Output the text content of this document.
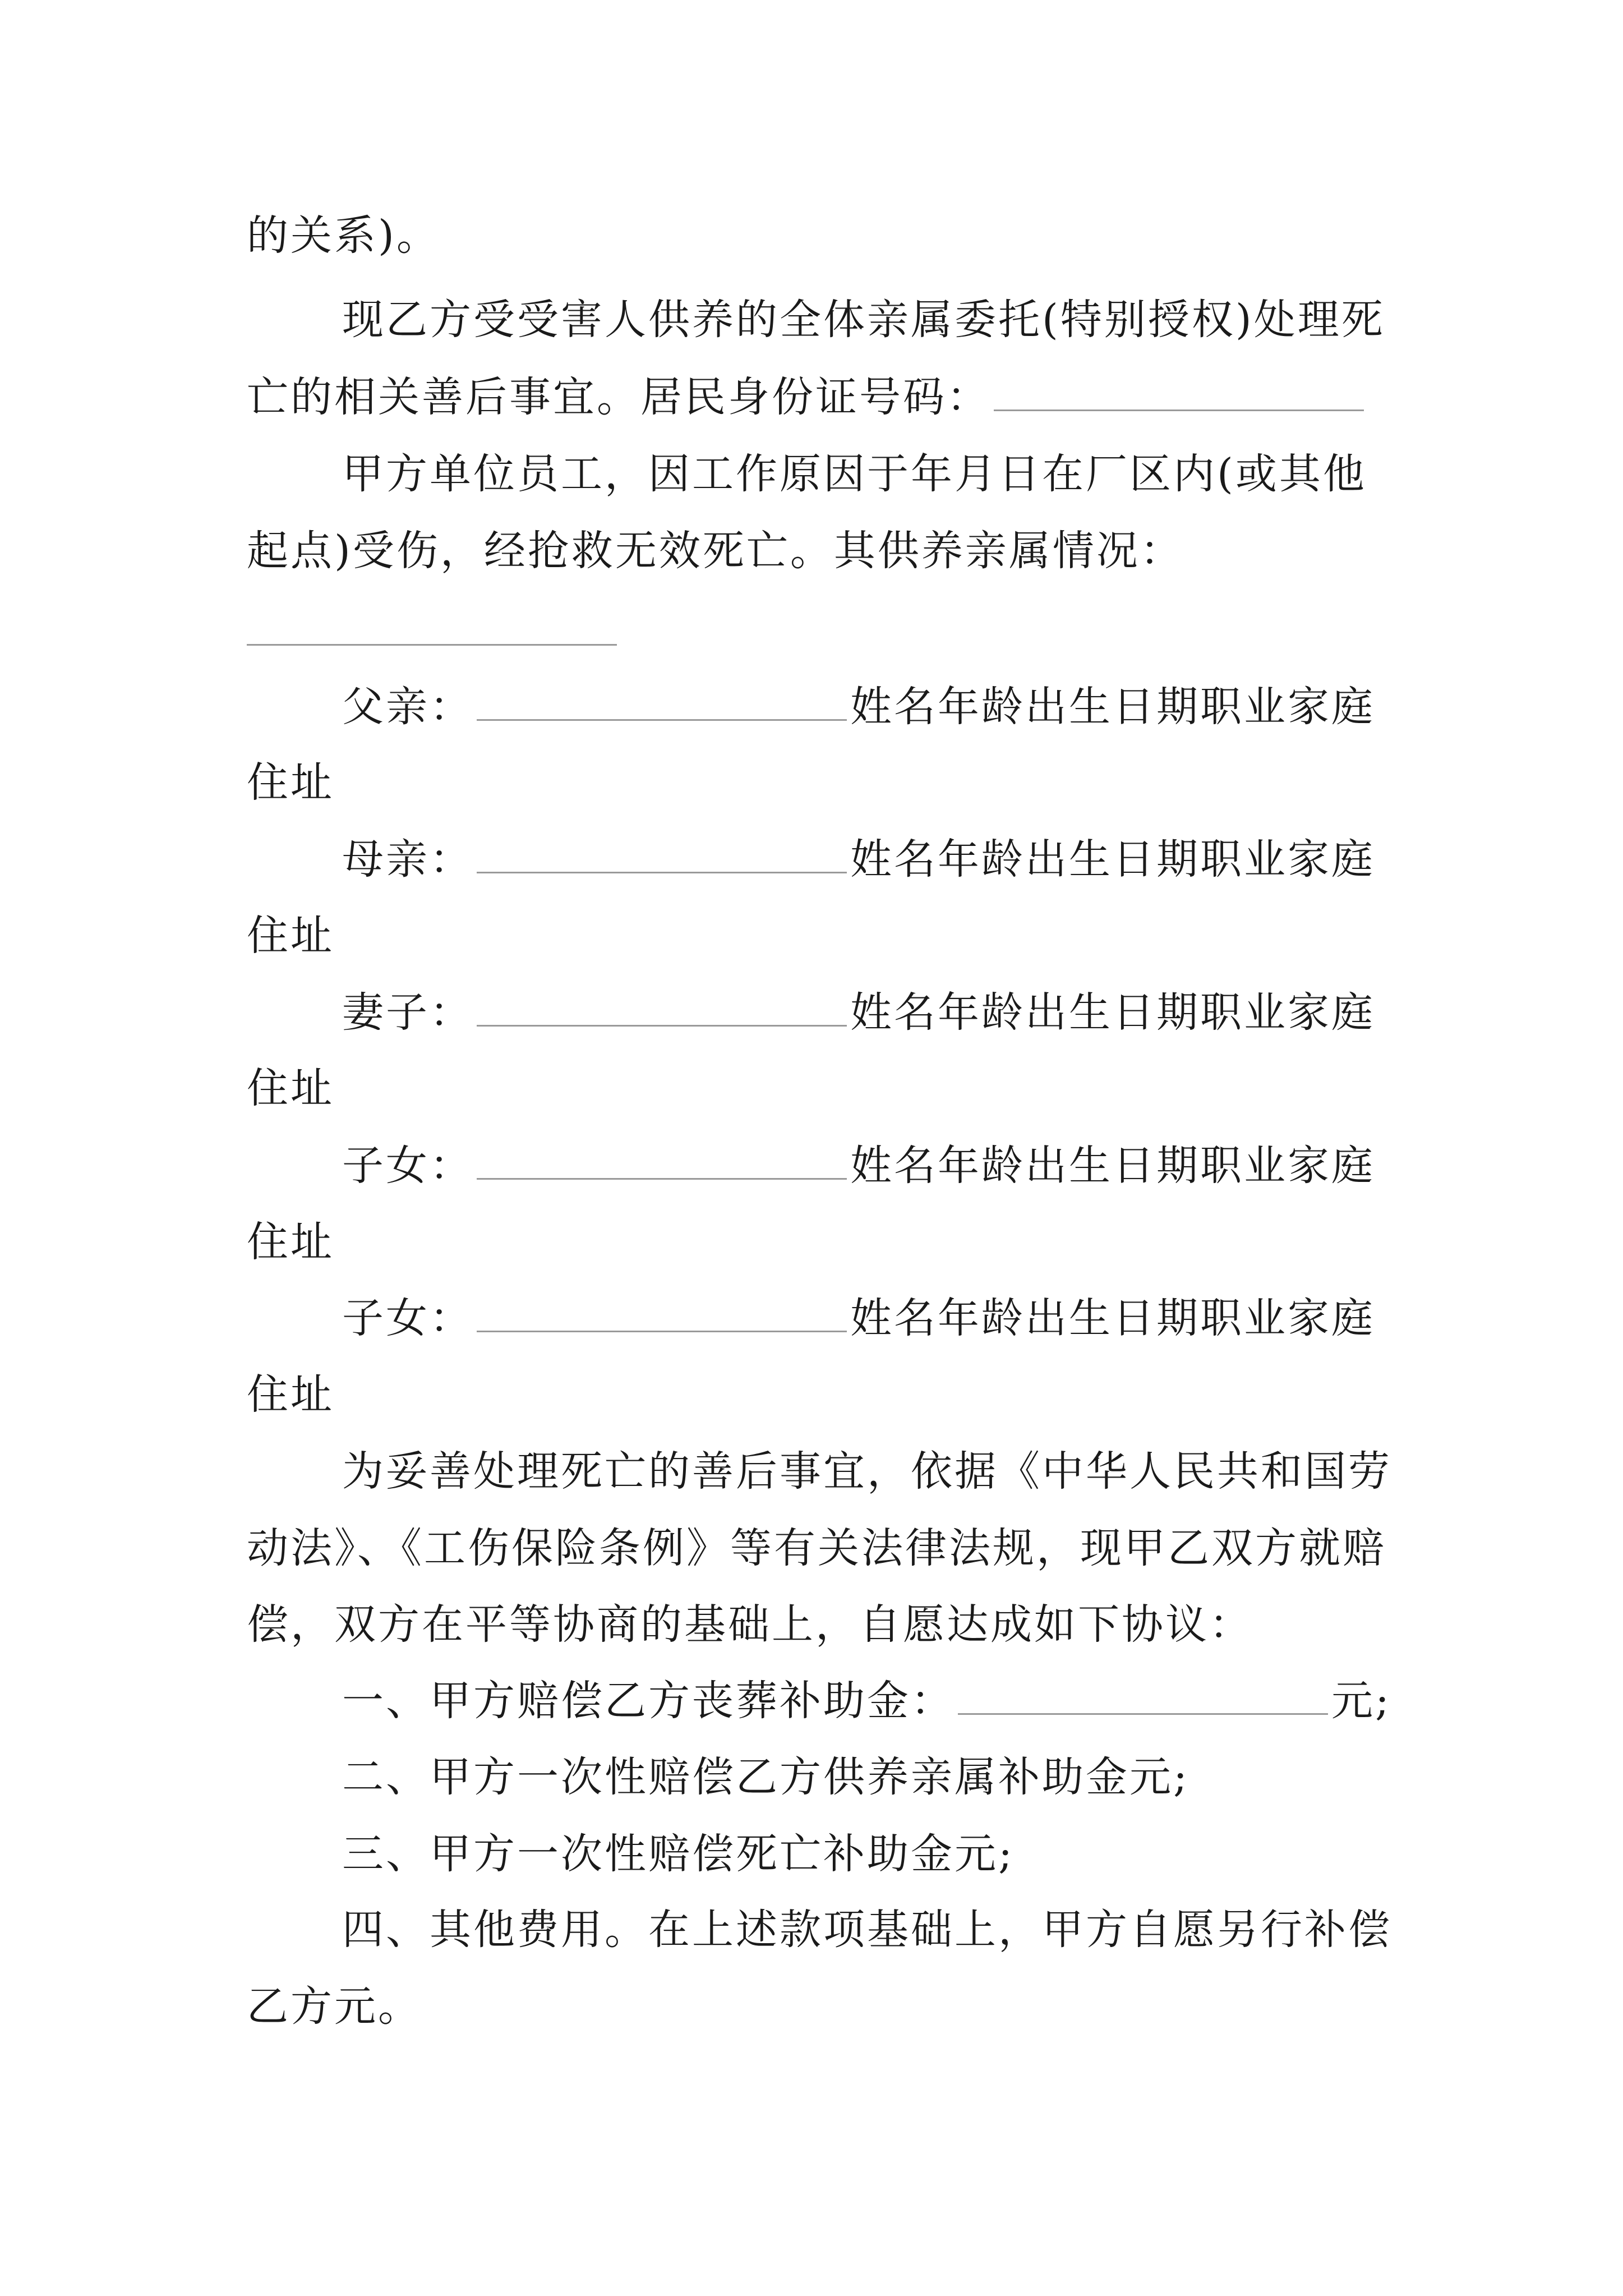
的关系)。
现乙方受受害人供养的全体亲属委托(特别授权)处理死
亡的相关善后事宜。居民身份证号码：
甲方单位员工，因工作原因于年月日在厂区内(或其他
起点)受伤，经抢救无效死亡。其供养亲属情况：
父亲：	姓名年龄出生日期职业家庭
住址
母亲：	姓名年龄出生日期职业家庭
住址
妻子：	姓名年龄出生日期职业家庭
住址
子女：	姓名年龄出生日期职业家庭
住址
子女：	姓名年龄出生日期职业家庭
住址
为妥善处理死亡的善后事宜，依据《中华人民共和国劳
动法》、《工伤保险条例》等有关法律法规，现甲乙双方就赔
偿，双方在平等协商的基础上，自愿达成如下协议：
一、甲方赔偿乙方丧葬补助金：	元;
二、甲方一次性赔偿乙方供养亲属补助金元;
三、甲方一次性赔偿死亡补助金元;
四、其他费用。在上述款项基础上，甲方自愿另行补偿
乙方元。
